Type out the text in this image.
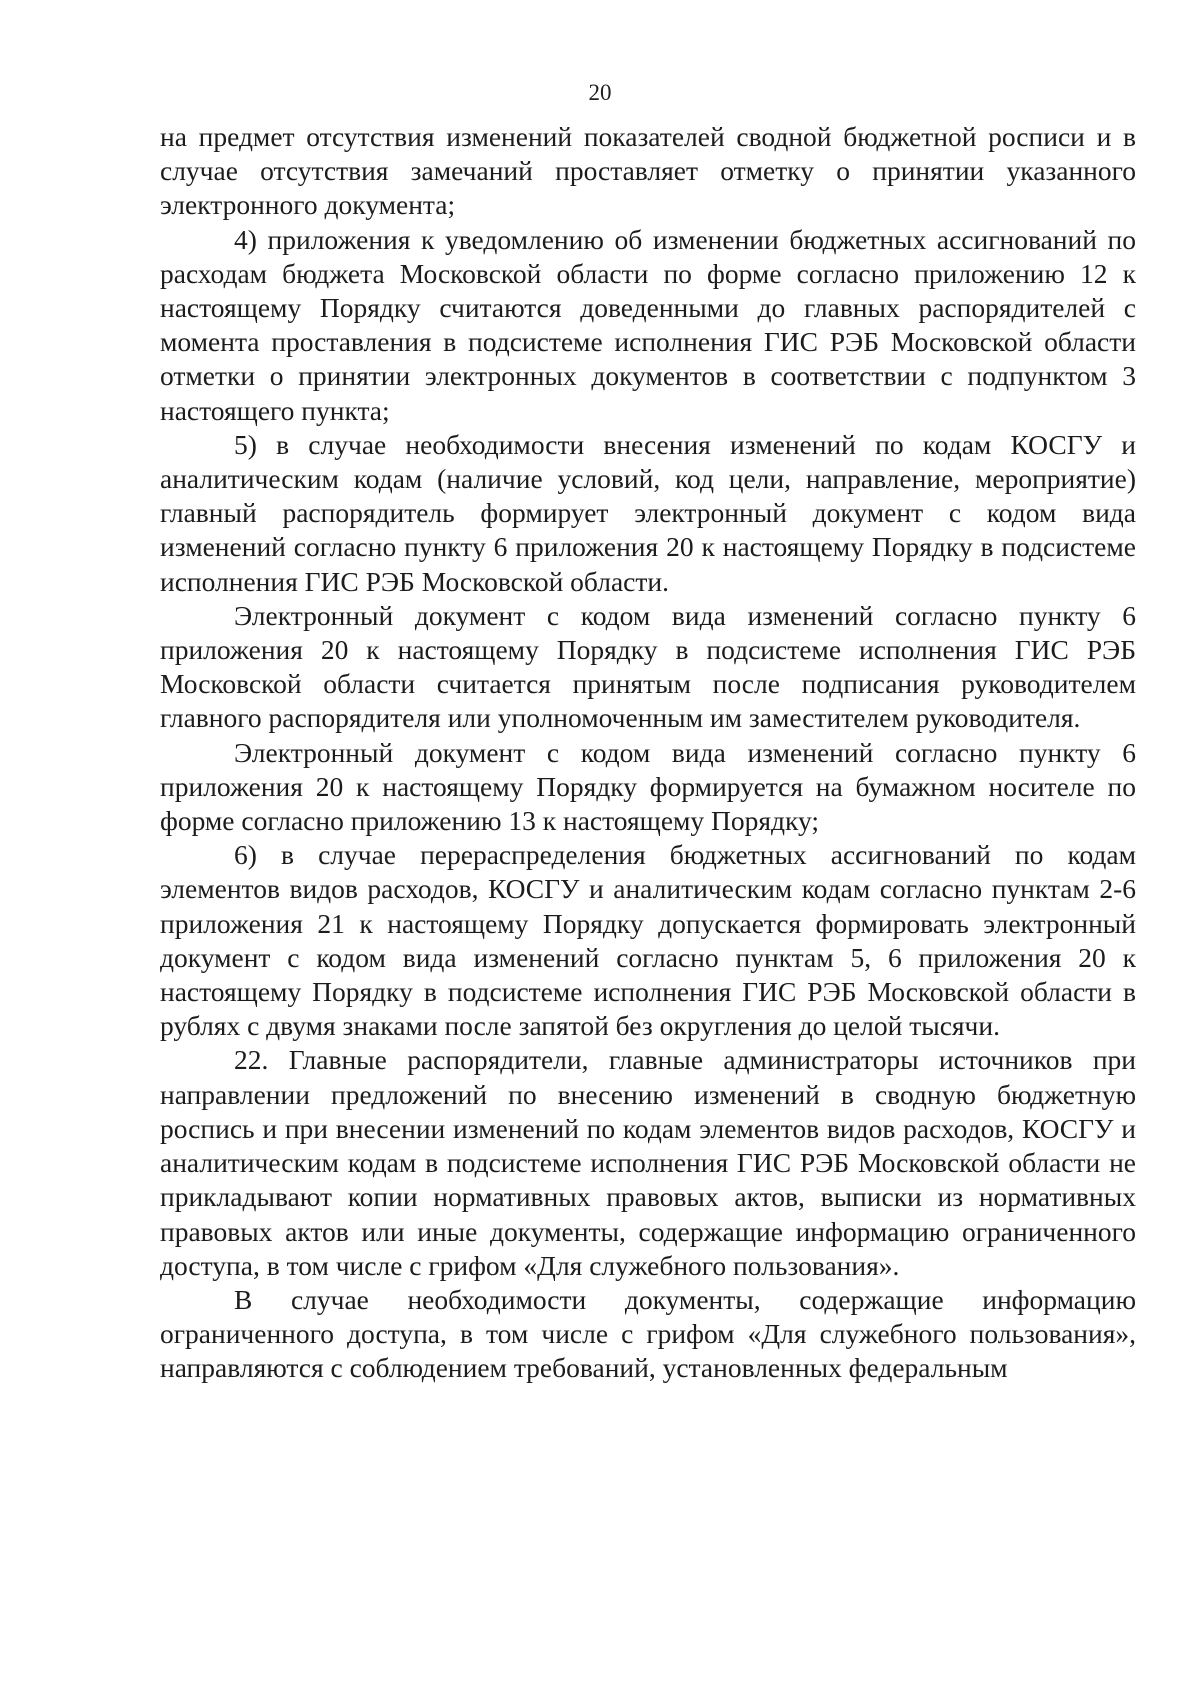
20

на предмет отсутствия изменений показателей сводной бюджетной росписи и в случае отсутствия замечаний проставляет отметку о принятии указанного электронного документа;

4) приложения к уведомлению об изменении бюджетных ассигнований по расходам бюджета Московской области по форме согласно приложению 12 к настоящему Порядку считаются доведенными до главных распорядителей с момента проставления в подсистеме исполнения ГИС РЭБ Московской области отметки о принятии электронных документов в соответствии с подпунктом 3 настоящего пункта;

5) в случае необходимости внесения изменений по кодам КОСГУ и аналитическим кодам (наличие условий, код цели, направление, мероприятие) главный распорядитель формирует электронный документ с кодом вида изменений согласно пункту 6 приложения 20 к настоящему Порядку в подсистеме исполнения ГИС РЭБ Московской области.

Электронный документ с кодом вида изменений согласно пункту 6 приложения 20 к настоящему Порядку в подсистеме исполнения ГИС РЭБ Московской области считается принятым после подписания руководителем главного распорядителя или уполномоченным им заместителем руководителя.

Электронный документ с кодом вида изменений согласно пункту 6 приложения 20 к настоящему Порядку формируется на бумажном носителе по форме согласно приложению 13 к настоящему Порядку;

6) в случае перераспределения бюджетных ассигнований по кодам элементов видов расходов, КОСГУ и аналитическим кодам согласно пунктам 2-6 приложения 21 к настоящему Порядку допускается формировать электронный документ с кодом вида изменений согласно пунктам 5, 6 приложения 20 к настоящему Порядку в подсистеме исполнения ГИС РЭБ Московской области в рублях с двумя знаками после запятой без округления до целой тысячи.

22. Главные распорядители, главные администраторы источников при направлении предложений по внесению изменений в сводную бюджетную роспись и при внесении изменений по кодам элементов видов расходов, КОСГУ и аналитическим кодам в подсистеме исполнения ГИС РЭБ Московской области не прикладывают копии нормативных правовых актов, выписки из нормативных правовых актов или иные документы, содержащие информацию ограниченного доступа, в том числе с грифом «Для служебного пользования».

В случае необходимости документы, содержащие информацию ограниченного доступа, в том числе с грифом «Для служебного пользования», направляются с соблюдением требований, установленных федеральным
